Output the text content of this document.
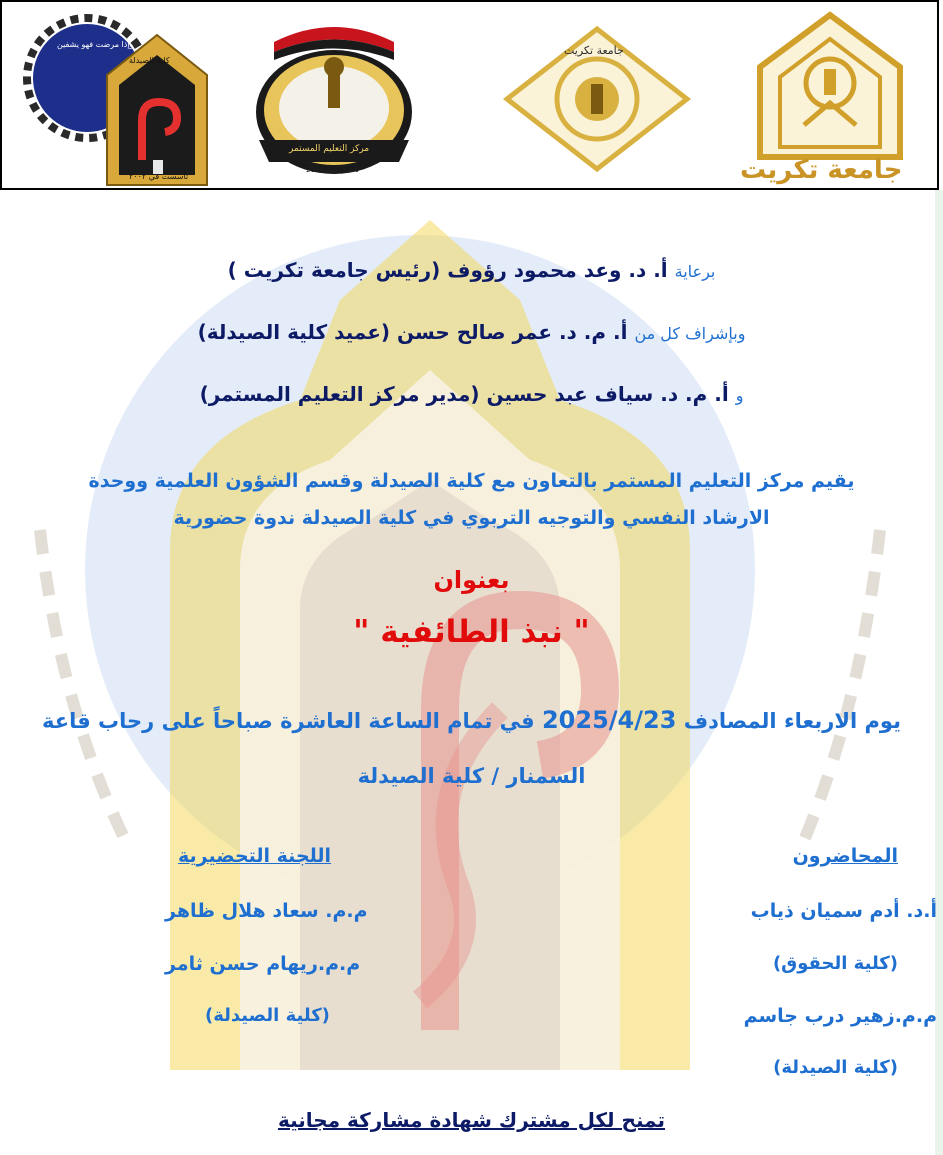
وإذا مرضت فهو يشفين
كلية الصيدلة
تأسست في ٢٠٠٢
مركز التعليم المستمر
تأسس سنة 2004
جامعة تكريت
جامعة تكريت
برعاية أ. د. وعد محمود رؤوف (رئيس جامعة تكريت )
وبإشراف كل من أ. م. د. عمر صالح حسن (عميد كلية الصيدلة)
و أ. م. د. سياف عبد حسين (مدير مركز التعليم المستمر)
يقيم مركز التعليم المستمر بالتعاون مع كلية الصيدلة وقسم الشؤون العلمية ووحدة
الارشاد النفسي والتوجيه التربوي في كلية الصيدلة ندوة حضورية
بعنوان
" نبذ الطائفية "
يوم الاربعاء المصادف 2025/4/23 في تمام الساعة العاشرة صباحاً على رحاب قاعة
السمنار / كلية الصيدلة
المحاضرون
أ.د. أدم سميان ذياب
(كلية الحقوق)
م.م.زهير درب جاسم
(كلية الصيدلة)
اللجنة التحضيرية
م.م. سعاد هلال ظاهر
م.م.ريهام حسن ثامر
(كلية الصيدلة)
تمنح لكل مشترك شهادة مشاركة مجانية
